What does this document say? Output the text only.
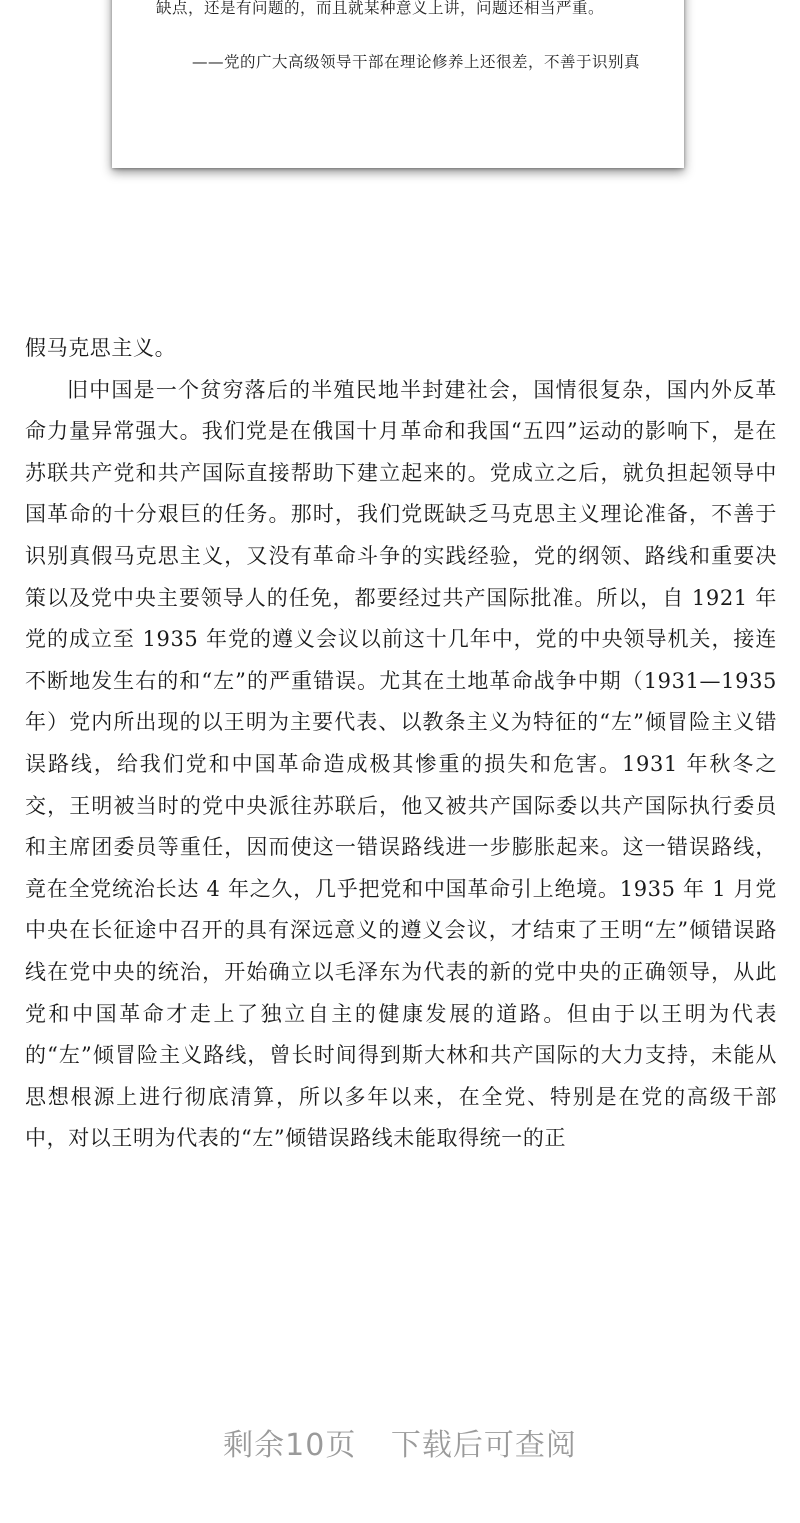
缺点，还是有问题的，而且就某种意义上讲，问题还相当严重。
——党的广大高级领导干部在理论修养上还很差，不善于识别真

假马克思主义。

旧中国是一个贫穷落后的半殖民地半封建社会，国情很复杂，国内外反革命力量异常强大。我们党是在俄国十月革命和我国“五四”运动的影响下，是在苏联共产党和共产国际直接帮助下建立起来的。党成立之后，就负担起领导中国革命的十分艰巨的任务。那时，我们党既缺乏马克思主义理论准备，不善于识别真假马克思主义，又没有革命斗争的实践经验，党的纲领、路线和重要决策以及党中央主要领导人的任免，都要经过共产国际批准。所以，自 1921 年党的成立至 1935 年党的遵义会议以前这十几年中，党的中央领导机关，接连不断地发生右的和“左”的严重错误。尤其在土地革命战争中期（1931—1935 年）党内所出现的以王明为主要代表、以教条主义为特征的“左”倾冒险主义错误路线，给我们党和中国革命造成极其惨重的损失和危害。1931 年秋冬之交，王明被当时的党中央派往苏联后，他又被共产国际委以共产国际执行委员和主席团委员等重任，因而使这一错误路线进一步膨胀起来。这一错误路线，竟在全党统治长达 4 年之久，几乎把党和中国革命引上绝境。1935 年 1 月党中央在长征途中召开的具有深远意义的遵义会议，才结束了王明“左”倾错误路线在党中央的统治，开始确立以毛泽东为代表的新的党中央的正确领导，从此党和中国革命才走上了独立自主的健康发展的道路。但由于以王明为代表的“左”倾冒险主义路线，曾长时间得到斯大林和共产国际的大力支持，未能从思想根源上进行彻底清算，所以多年以来，在全党、特别是在党的高级干部中，对以王明为代表的“左”倾错误路线未能取得统一的正

剩余10页 下载后可查阅
